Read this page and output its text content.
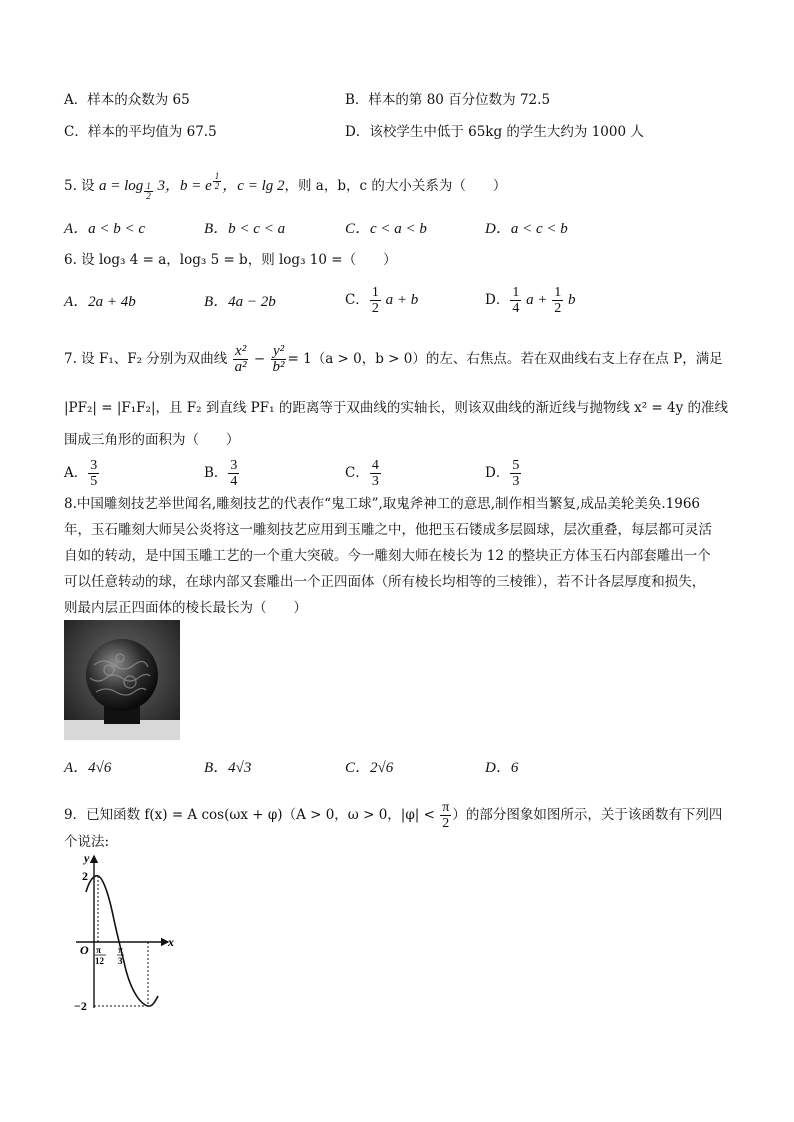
A．样本的众数为 65	B．样本的第 80 百分位数为 72.5
C．样本的平均值为 67.5	D．该校学生中低于 65kg 的学生大约为 1000 人
5. 设 a = log $_{\frac{1}{2}}$ 3，b = e $^{\frac{1}{2}}$ ，c = lg 2，则 a，b，c 的大小关系为（　　）
A．a < b < c	B．b < c < a	C．c < a < b	D．a < c < b
6. 设 log₃ 4 = a，log₃ 5 = b，则 log₃ 10 =（　　）
A．2a + 4b	B．4a − 2b	C． $\frac{1}{2}$ a + b	D． $\frac{1}{4}$ $a + \frac{1}{2}$ b
7. 设 F₁、F₂ 分别为双曲线 $\frac{\text{x²}}{\text{a²}} - \frac{\text{y²}}{\text{b²}} = 1(a > 0$，b > 0）的左、右焦点。若在双曲线右支上存在点 P，满足
|PF₂| = |F₁F₂|，且 F₂ 到直线 PF₁ 的距离等于双曲线的实轴长，则该双曲线的渐近线与抛物线 x² = 4y 的准线
围成三角形的面积为（　　）
A． $\frac{3}{5}$	B． $\frac{3}{4}$	C． $\frac{4}{3}$	D． $\frac{5}{3}$
8.中国雕刻技艺举世闻名,雕刻技艺的代表作“鬼工球”,取鬼斧神工的意思,制作相当繁复,成品美轮美奂.1966
年，玉石雕刻大师吴公炎将这一雕刻技艺应用到玉雕之中，他把玉石镂成多层圆球，层次重叠，每层都可灵活
自如的转动，是中国玉雕工艺的一个重大突破。今一雕刻大师在棱长为 12 的整块正方体玉石内部套雕出一个
可以任意转动的球，在球内部又套雕出一个正四面体（所有棱长均相等的三棱锥），若不计各层厚度和损失，
则最内层正四面体的棱长最长为（　　）
A．4√6	B．4√3	C．2√6	D．6
9．已知函数 f(x) = A cos(ωx + φ)（A > 0，ω > 0，$|\varphi| < \frac{\pi}{2}$ ）的部分图象如图所示，关于该函数有下列四
个说法:
y
x
O
2
−2
π
12
π
3
